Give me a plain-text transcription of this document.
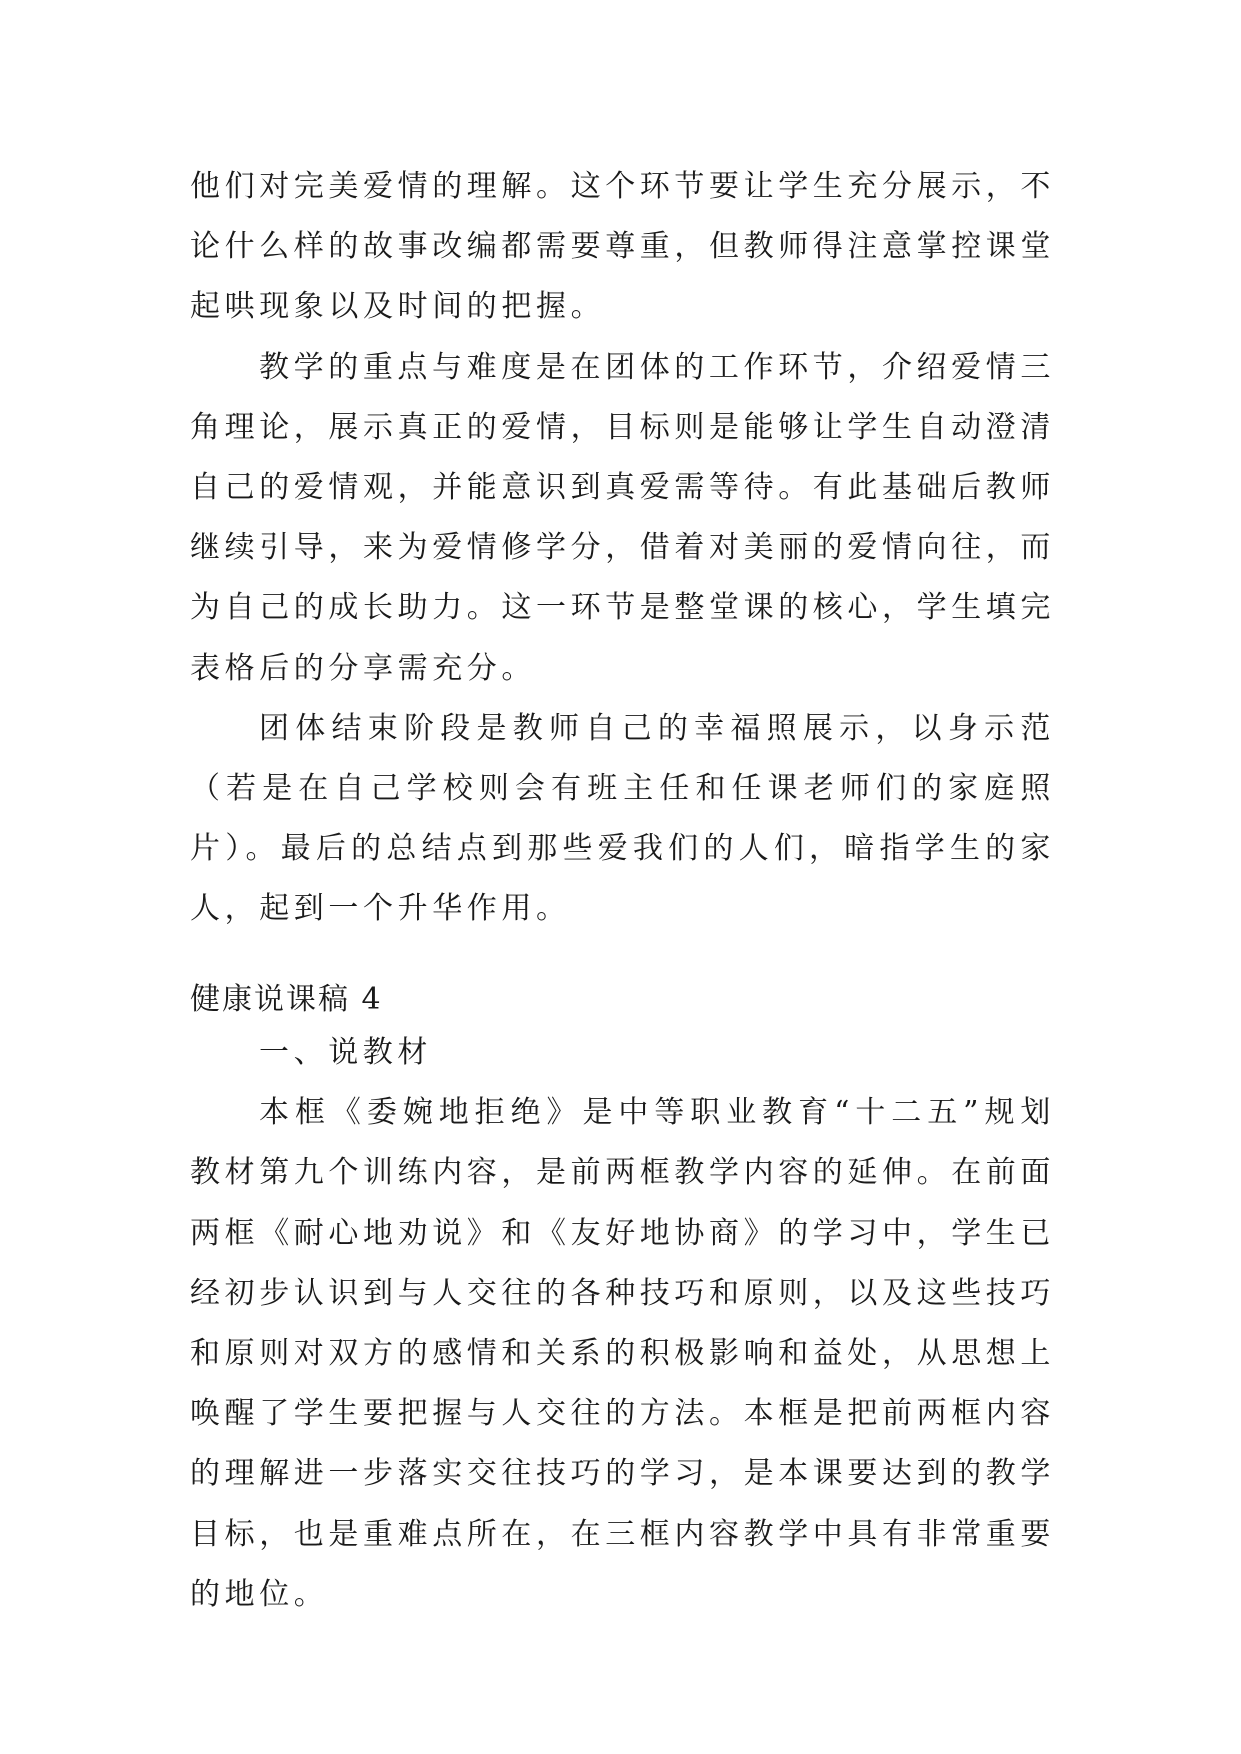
他们对完美爱情的理解。这个环节要让学生充分展示，不论什么样的故事改编都需要尊重，但教师得注意掌控课堂起哄现象以及时间的把握。

教学的重点与难度是在团体的工作环节，介绍爱情三角理论，展示真正的爱情，目标则是能够让学生自动澄清自己的爱情观，并能意识到真爱需等待。有此基础后教师继续引导，来为爱情修学分，借着对美丽的爱情向往，而为自己的成长助力。这一环节是整堂课的核心，学生填完表格后的分享需充分。

团体结束阶段是教师自己的幸福照展示，以身示范（若是在自己学校则会有班主任和任课老师们的家庭照片）。最后的总结点到那些爱我们的人们，暗指学生的家人，起到一个升华作用。

健康说课稿 4

一、说教材

本框《委婉地拒绝》是中等职业教育“十二五”规划教材第九个训练内容，是前两框教学内容的延伸。在前面两框《耐心地劝说》和《友好地协商》的学习中，学生已经初步认识到与人交往的各种技巧和原则，以及这些技巧和原则对双方的感情和关系的积极影响和益处，从思想上唤醒了学生要把握与人交往的方法。本框是把前两框内容的理解进一步落实交往技巧的学习，是本课要达到的教学目标，也是重难点所在，在三框内容教学中具有非常重要的地位。
